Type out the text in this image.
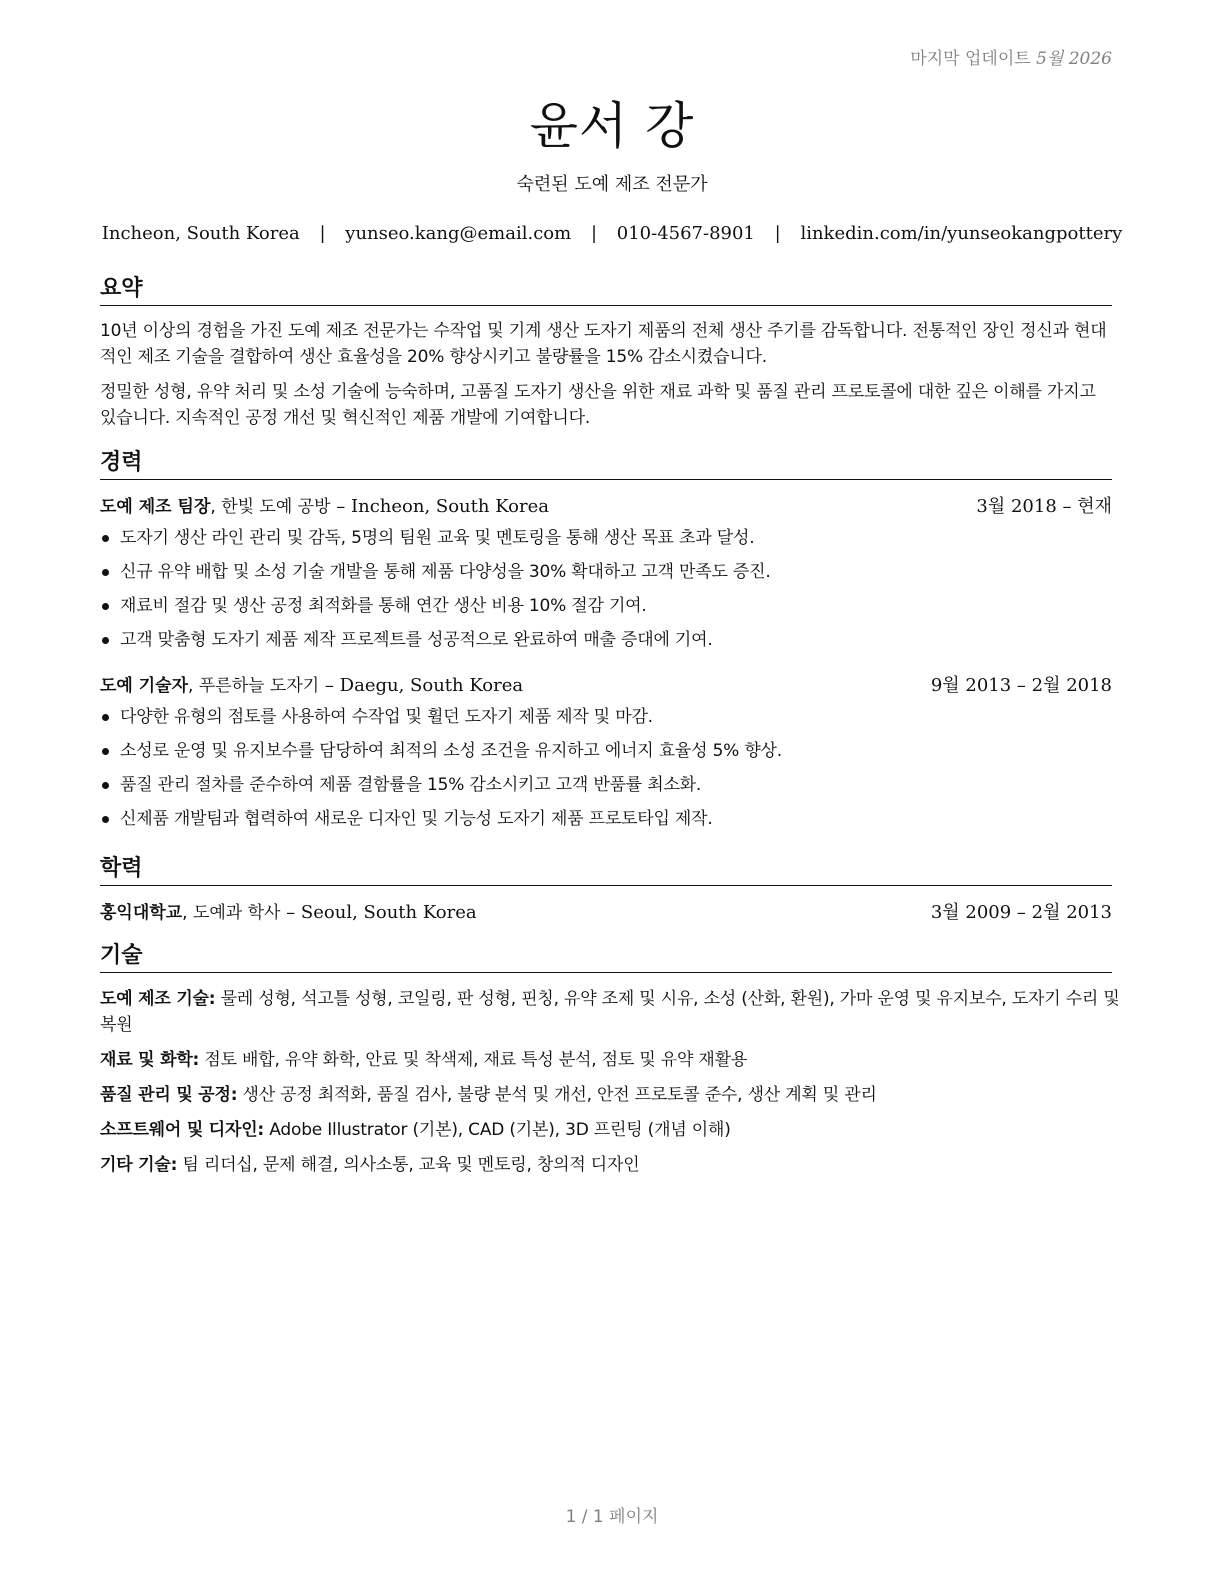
마지막 업데이트 5월 2026
윤서 강
숙련된 도예 제조 전문가
Incheon, South Korea | yunseo.kang@email.com | 010-4567-8901 | linkedin.com/in/yunseokangpottery
요약

10년 이상의 경험을 가진 도예 제조 전문가는 수작업 및 기계 생산 도자기 제품의 전체 생산 주기를 감독합니다. 전통적인 장인 정신과 현대적인 제조 기술을 결합하여 생산 효율성을 20% 향상시키고 불량률을 15% 감소시켰습니다.

정밀한 성형, 유약 처리 및 소성 기술에 능숙하며, 고품질 도자기 생산을 위한 재료 과학 및 품질 관리 프로토콜에 대한 깊은 이해를 가지고 있습니다. 지속적인 공정 개선 및 혁신적인 제품 개발에 기여합니다.

경력
도예 제조 팀장, 한빛 도예 공방 – Incheon, South Korea	3월 2018 – 현재
도자기 생산 라인 관리 및 감독, 5명의 팀원 교육 및 멘토링을 통해 생산 목표 초과 달성.
신규 유약 배합 및 소성 기술 개발을 통해 제품 다양성을 30% 확대하고 고객 만족도 증진.
재료비 절감 및 생산 공정 최적화를 통해 연간 생산 비용 10% 절감 기여.
고객 맞춤형 도자기 제품 제작 프로젝트를 성공적으로 완료하여 매출 증대에 기여.
도예 기술자, 푸른하늘 도자기 – Daegu, South Korea	9월 2013 – 2월 2018
다양한 유형의 점토를 사용하여 수작업 및 휠던 도자기 제품 제작 및 마감.
소성로 운영 및 유지보수를 담당하여 최적의 소성 조건을 유지하고 에너지 효율성 5% 향상.
품질 관리 절차를 준수하여 제품 결함률을 15% 감소시키고 고객 반품률 최소화.
신제품 개발팀과 협력하여 새로운 디자인 및 기능성 도자기 제품 프로토타입 제작.
학력
홍익대학교, 도예과 학사 – Seoul, South Korea	3월 2009 – 2월 2013
기술

도예 제조 기술: 물레 성형, 석고틀 성형, 코일링, 판 성형, 핀칭, 유약 조제 및 시유, 소성 (산화, 환원), 가마 운영 및 유지보수, 도자기 수리 및 복원

재료 및 화학: 점토 배합, 유약 화학, 안료 및 착색제, 재료 특성 분석, 점토 및 유약 재활용

품질 관리 및 공정: 생산 공정 최적화, 품질 검사, 불량 분석 및 개선, 안전 프로토콜 준수, 생산 계획 및 관리

소프트웨어 및 디자인: Adobe Illustrator (기본), CAD (기본), 3D 프린팅 (개념 이해)

기타 기술: 팀 리더십, 문제 해결, 의사소통, 교육 및 멘토링, 창의적 디자인

1 / 1 페이지
